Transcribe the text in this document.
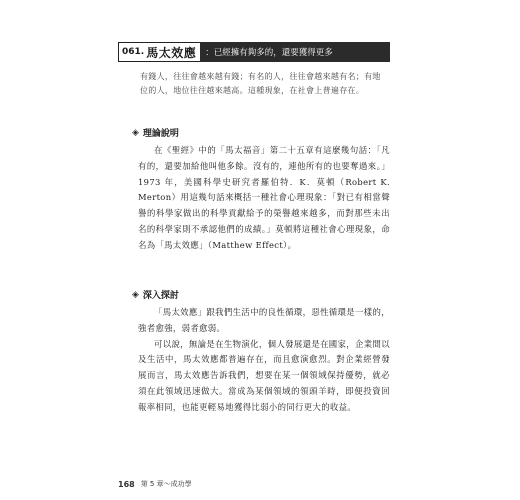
061. 馬太效應	：已經擁有夠多的，還要獲得更多
有錢人，往往會越來越有錢；有名的人，往往會越來越有名；有地位的人，地位往往越來越高。這種現象，在社會上普遍存在。
◈ 理論說明

在《聖經》中的「馬太福音」第二十五章有這麼幾句話：「凡有的，還要加給他叫他多餘。沒有的，連他所有的也要奪過來。」1973 年，美國科學史研究者羅伯特．K．莫頓（Robert K. Merton）用這幾句話來概括一種社會心理現象：「對已有相當聲譽的科學家做出的科學貢獻給予的榮譽越來越多，而對那些未出名的科學家則不承認他們的成績。」莫頓將這種社會心理現象，命名為「馬太效應」（Matthew Effect）。

◈ 深入探討

「馬太效應」跟我們生活中的良性循環，惡性循環是一樣的，強者愈強，弱者愈弱。

可以說，無論是在生物演化，個人發展還是在國家，企業間以及生活中，馬太效應都普遍存在，而且愈演愈烈。對企業經營發展而言，馬太效應告訴我們，想要在某一個領域保持優勢，就必須在此領域迅速做大。當成為某個領域的領頭羊時，即便投資回報率相同，也能更輕易地獲得比弱小的同行更大的收益。

168 第 5 章～成功學
